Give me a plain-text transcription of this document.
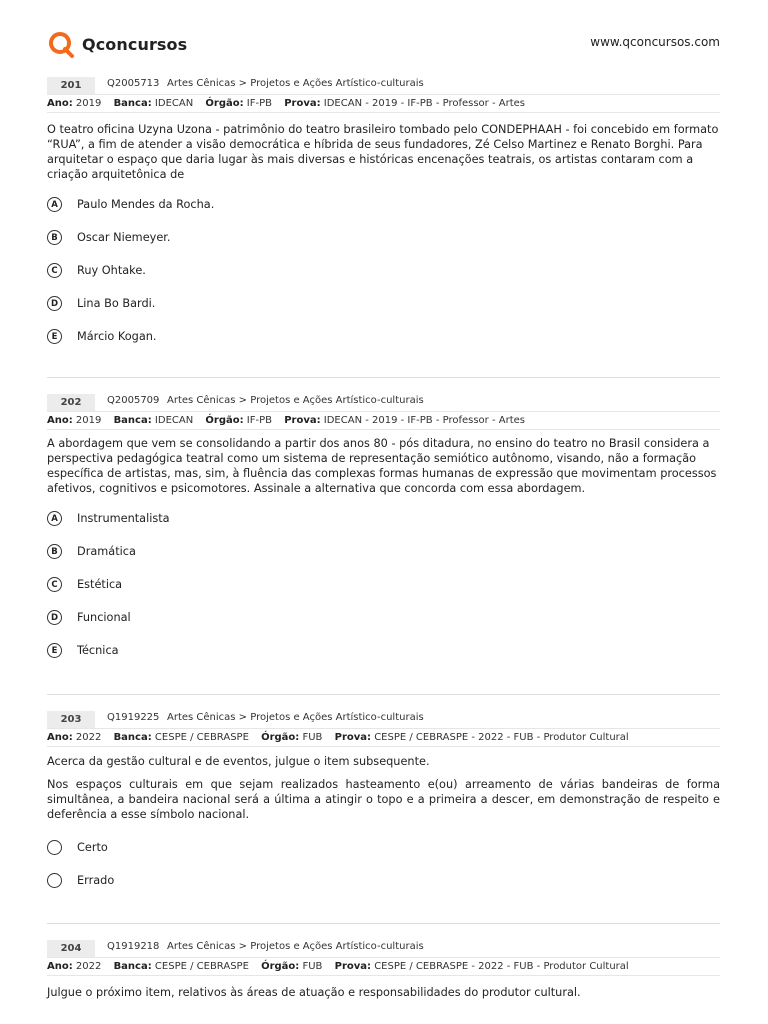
Qconcursos	www.qconcursos.com
201	Q2005713 Artes Cênicas > Projetos e Ações Artístico-culturais
Ano: 2019 Banca: IDECAN Órgão: IF-PB Prova: IDECAN - 2019 - IF-PB - Professor - Artes

O teatro oficina Uzyna Uzona - patrimônio do teatro brasileiro tombado pelo CONDEPHAAH - foi concebido em formato “RUA”, a fim de atender a visão democrática e híbrida de seus fundadores, Zé Celso Martinez e Renato Borghi. Para arquitetar o espaço que daria lugar às mais diversas e históricas encenações teatrais, os artistas contaram com a criação arquitetônica de

A	Paulo Mendes da Rocha.
B	Oscar Niemeyer.
C	Ruy Ohtake.
D	Lina Bo Bardi.
E	Márcio Kogan.
202	Q2005709 Artes Cênicas > Projetos e Ações Artístico-culturais
Ano: 2019 Banca: IDECAN Órgão: IF-PB Prova: IDECAN - 2019 - IF-PB - Professor - Artes

A abordagem que vem se consolidando a partir dos anos 80 - pós ditadura, no ensino do teatro no Brasil considera a perspectiva pedagógica teatral como um sistema de representação semiótico autônomo, visando, não a formação específica de artistas, mas, sim, à fluência das complexas formas humanas de expressão que movimentam processos afetivos, cognitivos e psicomotores. Assinale a alternativa que concorda com essa abordagem.

A	Instrumentalista
B	Dramática
C	Estética
D	Funcional
E	Técnica
203	Q1919225 Artes Cênicas > Projetos e Ações Artístico-culturais
Ano: 2022 Banca: CESPE / CEBRASPE Órgão: FUB Prova: CESPE / CEBRASPE - 2022 - FUB - Produtor Cultural

Acerca da gestão cultural e de eventos, julgue o item subsequente.

Nos espaços culturais em que sejam realizados hasteamento e(ou) arreamento de várias bandeiras de forma simultânea, a bandeira nacional será a última a atingir o topo e a primeira a descer, em demonstração de respeito e deferência a esse símbolo nacional.

Certo
Errado
204	Q1919218 Artes Cênicas > Projetos e Ações Artístico-culturais
Ano: 2022 Banca: CESPE / CEBRASPE Órgão: FUB Prova: CESPE / CEBRASPE - 2022 - FUB - Produtor Cultural

Julgue o próximo item, relativos às áreas de atuação e responsabilidades do produtor cultural.
